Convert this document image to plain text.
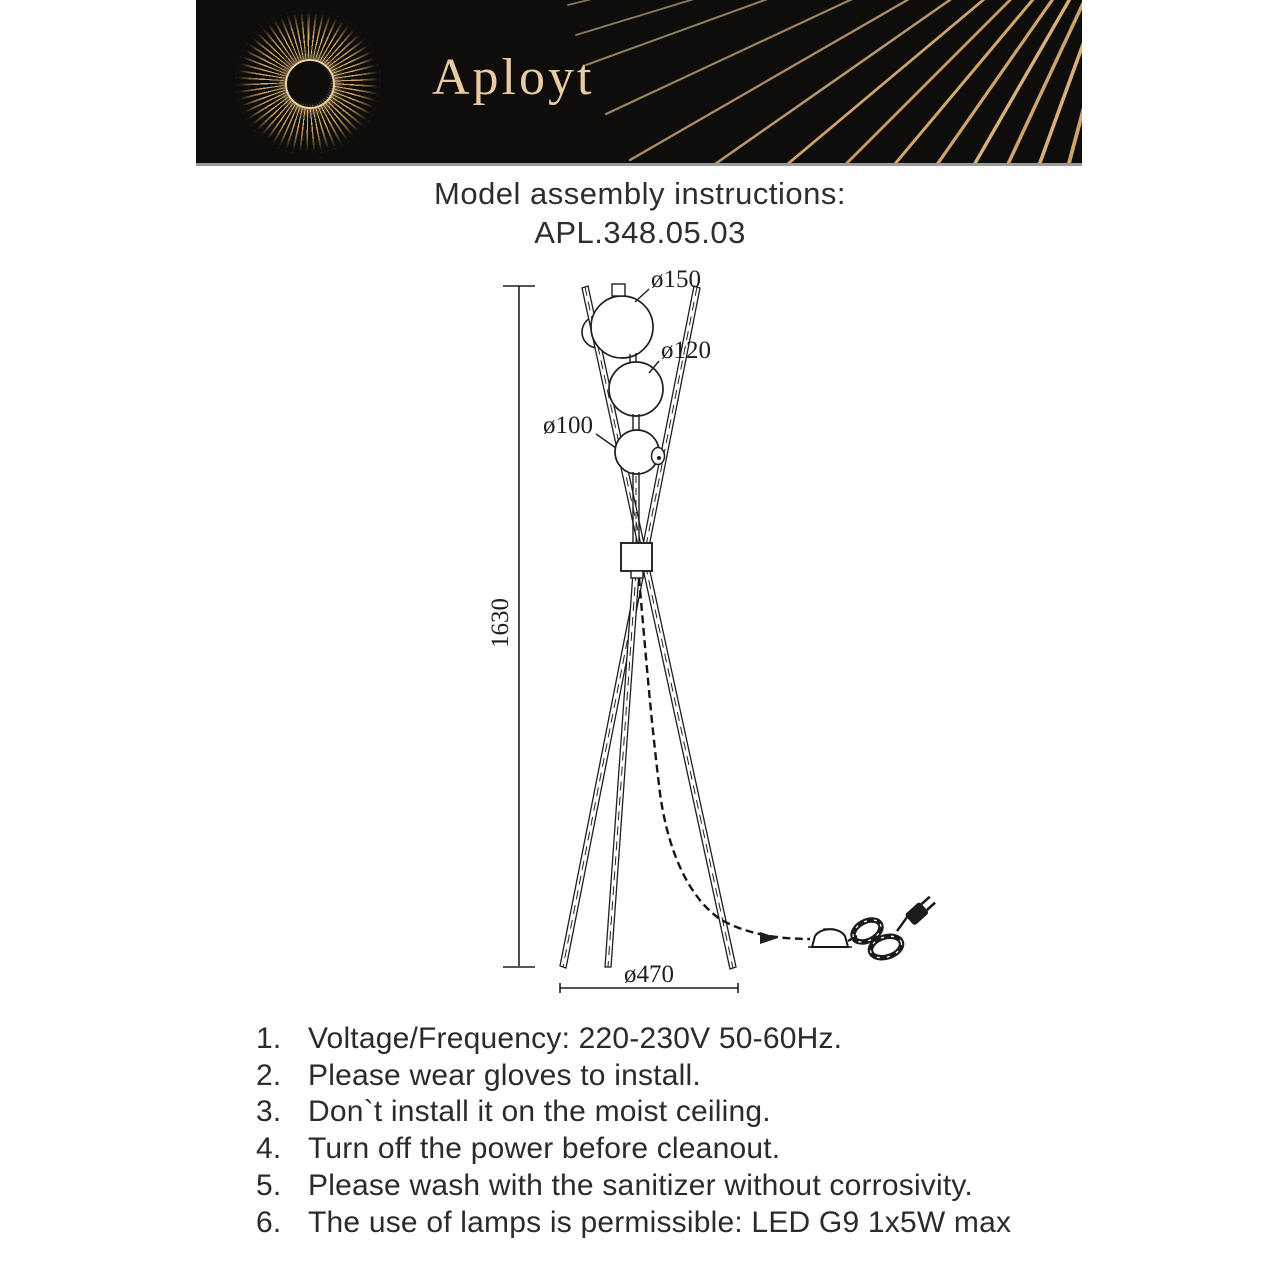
Aployt
Model assembly instructions:
APL.348.05.03
1630
ø150
ø120
ø100
ø470
1. Voltage/Frequency: 220-230V 50-60Hz.
2. Please wear gloves to install.
3. Don`t install it on the moist ceiling.
4. Turn off the power before cleanout.
5. Please wash with the sanitizer without corrosivity.
6. The use of lamps is permissible: LED G9 1x5W max
